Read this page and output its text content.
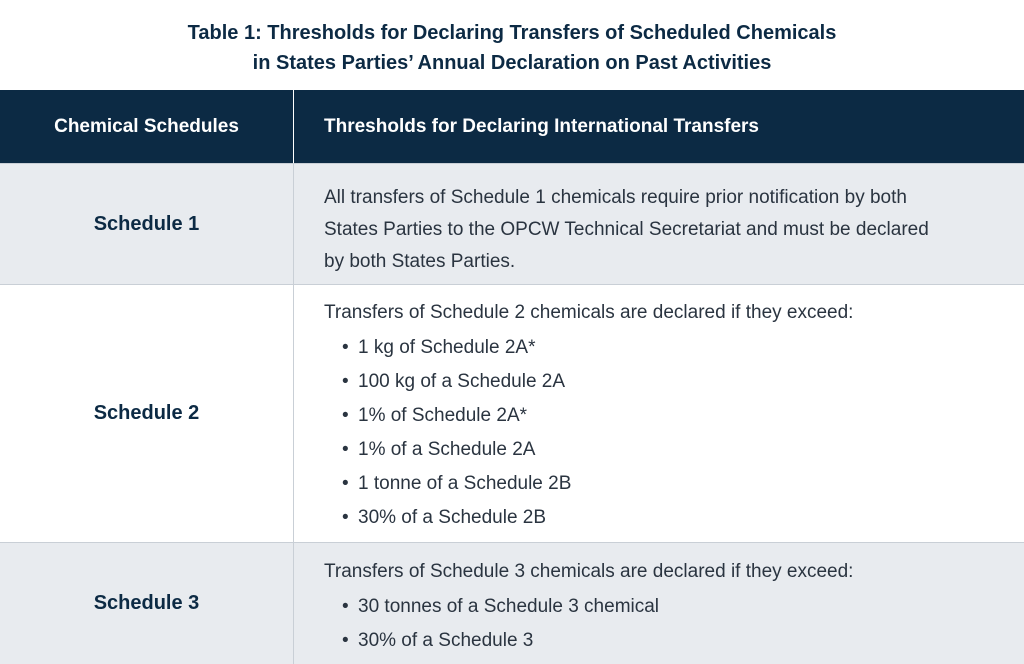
Table 1: Thresholds for Declaring Transfers of Scheduled Chemicals
in States Parties’ Annual Declaration on Past Activities
Chemical Schedules	Thresholds for Declaring International Transfers
Schedule 1
All transfers of Schedule 1 chemicals require prior notification by both
States Parties to the OPCW Technical Secretariat and must be declared
by both States Parties.
Schedule 2
Transfers of Schedule 2 chemicals are declared if they exceed:
• 1 kg of Schedule 2A*
• 100 kg of a Schedule 2A
• 1% of Schedule 2A*
• 1% of a Schedule 2A
• 1 tonne of a Schedule 2B
• 30% of a Schedule 2B
Schedule 3
Transfers of Schedule 3 chemicals are declared if they exceed:
• 30 tonnes of a Schedule 3 chemical
• 30% of a Schedule 3
